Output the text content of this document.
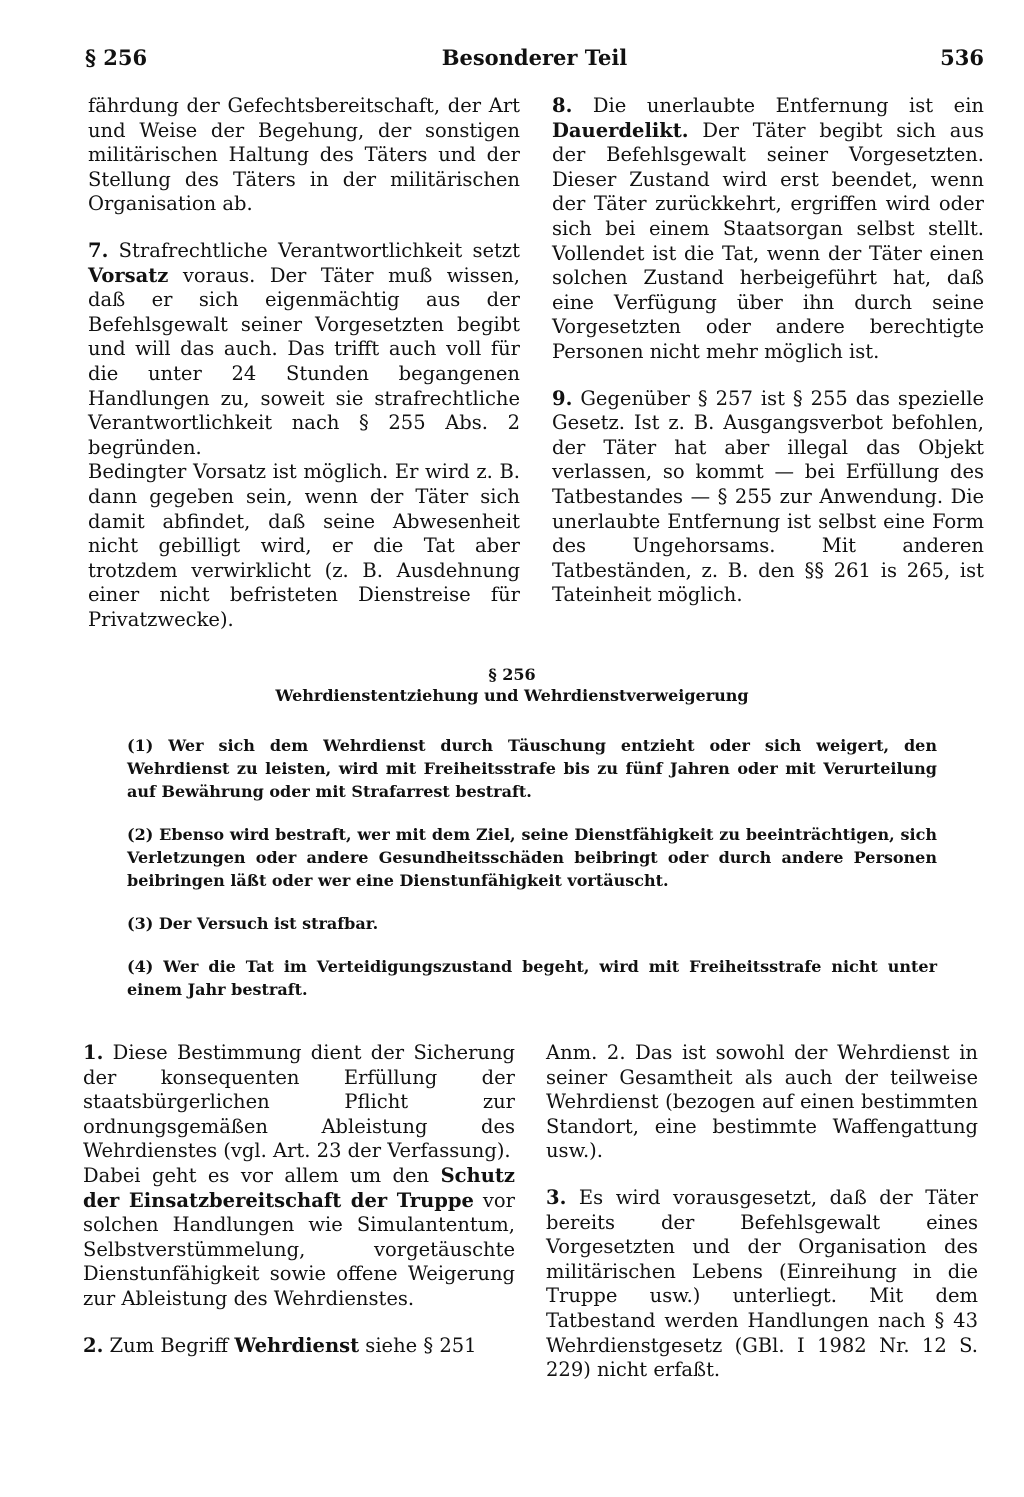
§ 256	Besonderer Teil	536

fährdung der Gefechtsbereitschaft, der Art und Weise der Begehung, der sonstigen militärischen Haltung des Täters und der Stellung des Täters in der militärischen Organisation ab.

7. Strafrechtliche Verantwortlichkeit setzt Vorsatz voraus. Der Täter muß wissen, daß er sich eigenmächtig aus der Befehlsgewalt seiner Vorgesetzten begibt und will das auch. Das trifft auch voll für die unter 24 Stunden begangenen Handlungen zu, soweit sie strafrechtliche Verantwortlichkeit nach § 255 Abs. 2 begründen.

Bedingter Vorsatz ist möglich. Er wird z. B. dann gegeben sein, wenn der Täter sich damit abfindet, daß seine Abwesenheit nicht gebilligt wird, er die Tat aber trotzdem verwirklicht (z. B. Ausdehnung einer nicht befristeten Dienstreise für Privatzwecke).

8. Die unerlaubte Entfernung ist ein Dauerdelikt. Der Täter begibt sich aus der Befehlsgewalt seiner Vorgesetzten. Dieser Zustand wird erst beendet, wenn der Täter zurückkehrt, ergriffen wird oder sich bei einem Staatsorgan selbst stellt. Vollendet ist die Tat, wenn der Täter einen solchen Zustand herbeigeführt hat, daß eine Verfügung über ihn durch seine Vorgesetzten oder andere berechtigte Personen nicht mehr möglich ist.

9. Gegenüber § 257 ist § 255 das spezielle Gesetz. Ist z. B. Ausgangsverbot befohlen, der Täter hat aber illegal das Objekt verlassen, so kommt — bei Erfüllung des Tatbestandes — § 255 zur Anwendung. Die unerlaubte Entfernung ist selbst eine Form des Ungehorsams. Mit anderen Tatbeständen, z. B. den §§ 261 is 265, ist Tateinheit möglich.

§ 256
Wehrdienstentziehung und Wehrdienstverweigerung

(1) Wer sich dem Wehrdienst durch Täuschung entzieht oder sich weigert, den Wehrdienst zu leisten, wird mit Freiheitsstrafe bis zu fünf Jahren oder mit Verurteilung auf Bewährung oder mit Strafarrest bestraft.

(2) Ebenso wird bestraft, wer mit dem Ziel, seine Dienstfähigkeit zu beeinträchtigen, sich Verletzungen oder andere Gesundheitsschäden beibringt oder durch andere Personen beibringen läßt oder wer eine Dienstunfähigkeit vortäuscht.

(3) Der Versuch ist strafbar.

(4) Wer die Tat im Verteidigungszustand begeht, wird mit Freiheitsstrafe nicht unter einem Jahr bestraft.

1. Diese Bestimmung dient der Sicherung der konsequenten Erfüllung der staatsbürgerlichen Pflicht zur ordnungsgemäßen Ableistung des Wehrdienstes (vgl. Art. 23 der Verfassung).

Dabei geht es vor allem um den Schutz der Einsatzbereitschaft der Truppe vor solchen Handlungen wie Simulantentum, Selbstverstümmelung, vorgetäuschte Dienstunfähigkeit sowie offene Weigerung zur Ableistung des Wehrdienstes.

2. Zum Begriff Wehrdienst siehe § 251

Anm. 2. Das ist sowohl der Wehrdienst in seiner Gesamtheit als auch der teilweise Wehrdienst (bezogen auf einen bestimmten Standort, eine bestimmte Waffengattung usw.).

3. Es wird vorausgesetzt, daß der Täter bereits der Befehlsgewalt eines Vorgesetzten und der Organisation des militärischen Lebens (Einreihung in die Truppe usw.) unterliegt. Mit dem Tatbestand werden Handlungen nach § 43 Wehrdienstgesetz (GBl. I 1982 Nr. 12 S. 229) nicht erfaßt.
